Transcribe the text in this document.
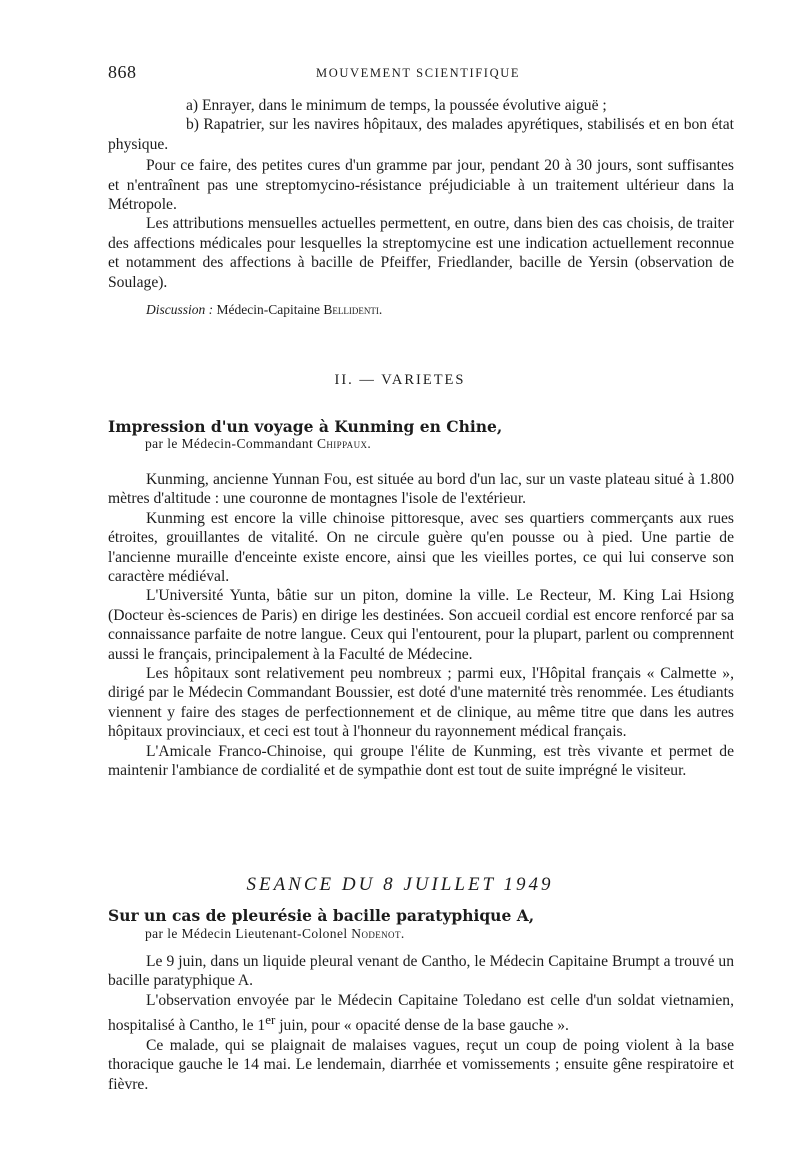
868	MOUVEMENT SCIENTIFIQUE

a) Enrayer, dans le minimum de temps, la poussée évolutive aiguë ;

b) Rapatrier, sur les navires hôpitaux, des malades apyrétiques, stabilisés et en bon état physique.

Pour ce faire, des petites cures d'un gramme par jour, pendant 20 à 30 jours, sont suffisantes et n'entraînent pas une streptomycino-résistance préjudiciable à un traitement ultérieur dans la Métropole.

Les attributions mensuelles actuelles permettent, en outre, dans bien des cas choisis, de traiter des affections médicales pour lesquelles la streptomycine est une indication actuellement reconnue et notamment des affections à bacille de Pfeiffer, Friedlander, bacille de Yersin (observation de Soulage).

Discussion : Médecin-Capitaine Bellidenti.

II. — VARIETES
Impression d'un voyage à Kunming en Chine,
par le Médecin-Commandant Chippaux.

Kunming, ancienne Yunnan Fou, est située au bord d'un lac, sur un vaste plateau situé à 1.800 mètres d'altitude : une couronne de montagnes l'isole de l'extérieur.

Kunming est encore la ville chinoise pittoresque, avec ses quartiers commerçants aux rues étroites, grouillantes de vitalité. On ne circule guère qu'en pousse ou à pied. Une partie de l'ancienne muraille d'enceinte existe encore, ainsi que les vieilles portes, ce qui lui conserve son caractère médiéval.

L'Université Yunta, bâtie sur un piton, domine la ville. Le Recteur, M. King Lai Hsiong (Docteur ès-sciences de Paris) en dirige les destinées. Son accueil cordial est encore renforcé par sa connaissance parfaite de notre langue. Ceux qui l'entourent, pour la plupart, parlent ou comprennent aussi le français, principalement à la Faculté de Médecine.

Les hôpitaux sont relativement peu nombreux ; parmi eux, l'Hôpital français « Calmette », dirigé par le Médecin Commandant Boussier, est doté d'une maternité très renommée. Les étudiants viennent y faire des stages de perfectionnement et de clinique, au même titre que dans les autres hôpitaux provinciaux, et ceci est tout à l'honneur du rayonnement médical français.

L'Amicale Franco-Chinoise, qui groupe l'élite de Kunming, est très vivante et permet de maintenir l'ambiance de cordialité et de sympathie dont est tout de suite imprégné le visiteur.

SEANCE DU 8 JUILLET 1949
Sur un cas de pleurésie à bacille paratyphique A,
par le Médecin Lieutenant-Colonel Nodenot.

Le 9 juin, dans un liquide pleural venant de Cantho, le Médecin Capitaine Brumpt a trouvé un bacille paratyphique A.

L'observation envoyée par le Médecin Capitaine Toledano est celle d'un soldat vietnamien, hospitalisé à Cantho, le 1er juin, pour « opacité dense de la base gauche ».

Ce malade, qui se plaignait de malaises vagues, reçut un coup de poing violent à la base thoracique gauche le 14 mai. Le lendemain, diarrhée et vomissements ; ensuite gêne respiratoire et fièvre.
